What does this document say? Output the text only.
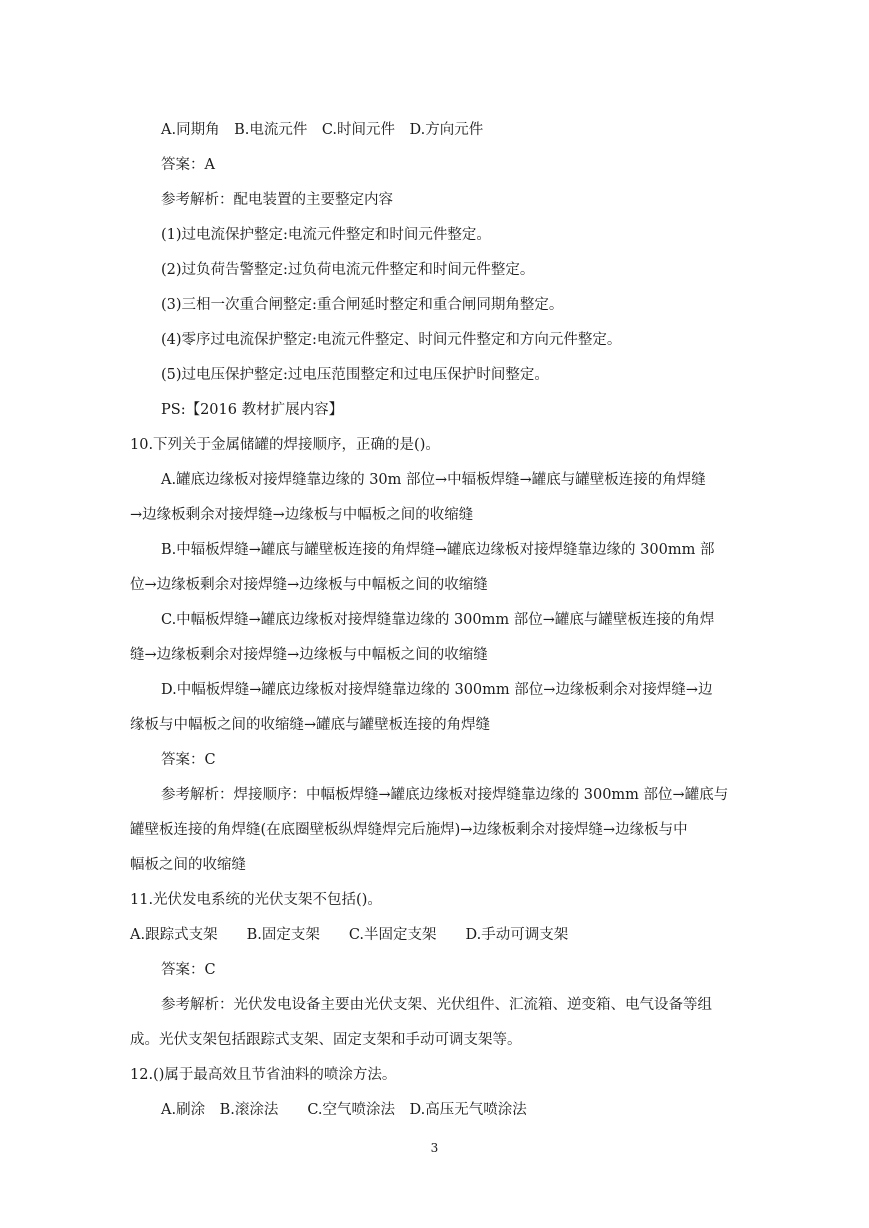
A.同期角 B.电流元件 C.时间元件 D.方向元件
答案：A
参考解析：配电装置的主要整定内容
(1)过电流保护整定:电流元件整定和时间元件整定。
(2)过负荷告警整定:过负荷电流元件整定和时间元件整定。
(3)三相一次重合闸整定:重合闸延时整定和重合闸同期角整定。
(4)零序过电流保护整定:电流元件整定、时间元件整定和方向元件整定。
(5)过电压保护整定:过电压范围整定和过电压保护时间整定。
PS:【2016 教材扩展内容】
10.下列关于金属储罐的焊接顺序，正确的是()。
A.罐底边缘板对接焊缝靠边缘的 30m 部位→中辐板焊缝→罐底与罐壁板连接的角焊缝
→边缘板剩余对接焊缝→边缘板与中幅板之间的收缩缝
B.中辐板焊缝→罐底与罐壁板连接的角焊缝→罐底边缘板对接焊缝靠边缘的 300mm 部
位→边缘板剩余对接焊缝→边缘板与中幅板之间的收缩缝
C.中幅板焊缝→罐底边缘板对接焊缝靠边缘的 300mm 部位→罐底与罐壁板连接的角焊
缝→边缘板剩余对接焊缝→边缘板与中幅板之间的收缩缝
D.中幅板焊缝→罐底边缘板对接焊缝靠边缘的 300mm 部位→边缘板剩余对接焊缝→边
缘板与中幅板之间的收缩缝→罐底与罐壁板连接的角焊缝
答案：C
参考解析：焊接顺序：中幅板焊缝→罐底边缘板对接焊缝靠边缘的 300mm 部位→罐底与
罐壁板连接的角焊缝(在底圈壁板纵焊缝焊完后施焊)→边缘板剩余对接焊缝→边缘板与中
幅板之间的收缩缝
11.光伏发电系统的光伏支架不包括()。
A.跟踪式支架  B.固定支架  C.半固定支架  D.手动可调支架
答案：C
参考解析：光伏发电设备主要由光伏支架、光伏组件、汇流箱、逆变箱、电气设备等组
成。光伏支架包括跟踪式支架、固定支架和手动可调支架等。
12.()属于最高效且节省油料的喷涂方法。
A.刷涂 B.滚涂法  C.空气喷涂法 D.高压无气喷涂法
3
